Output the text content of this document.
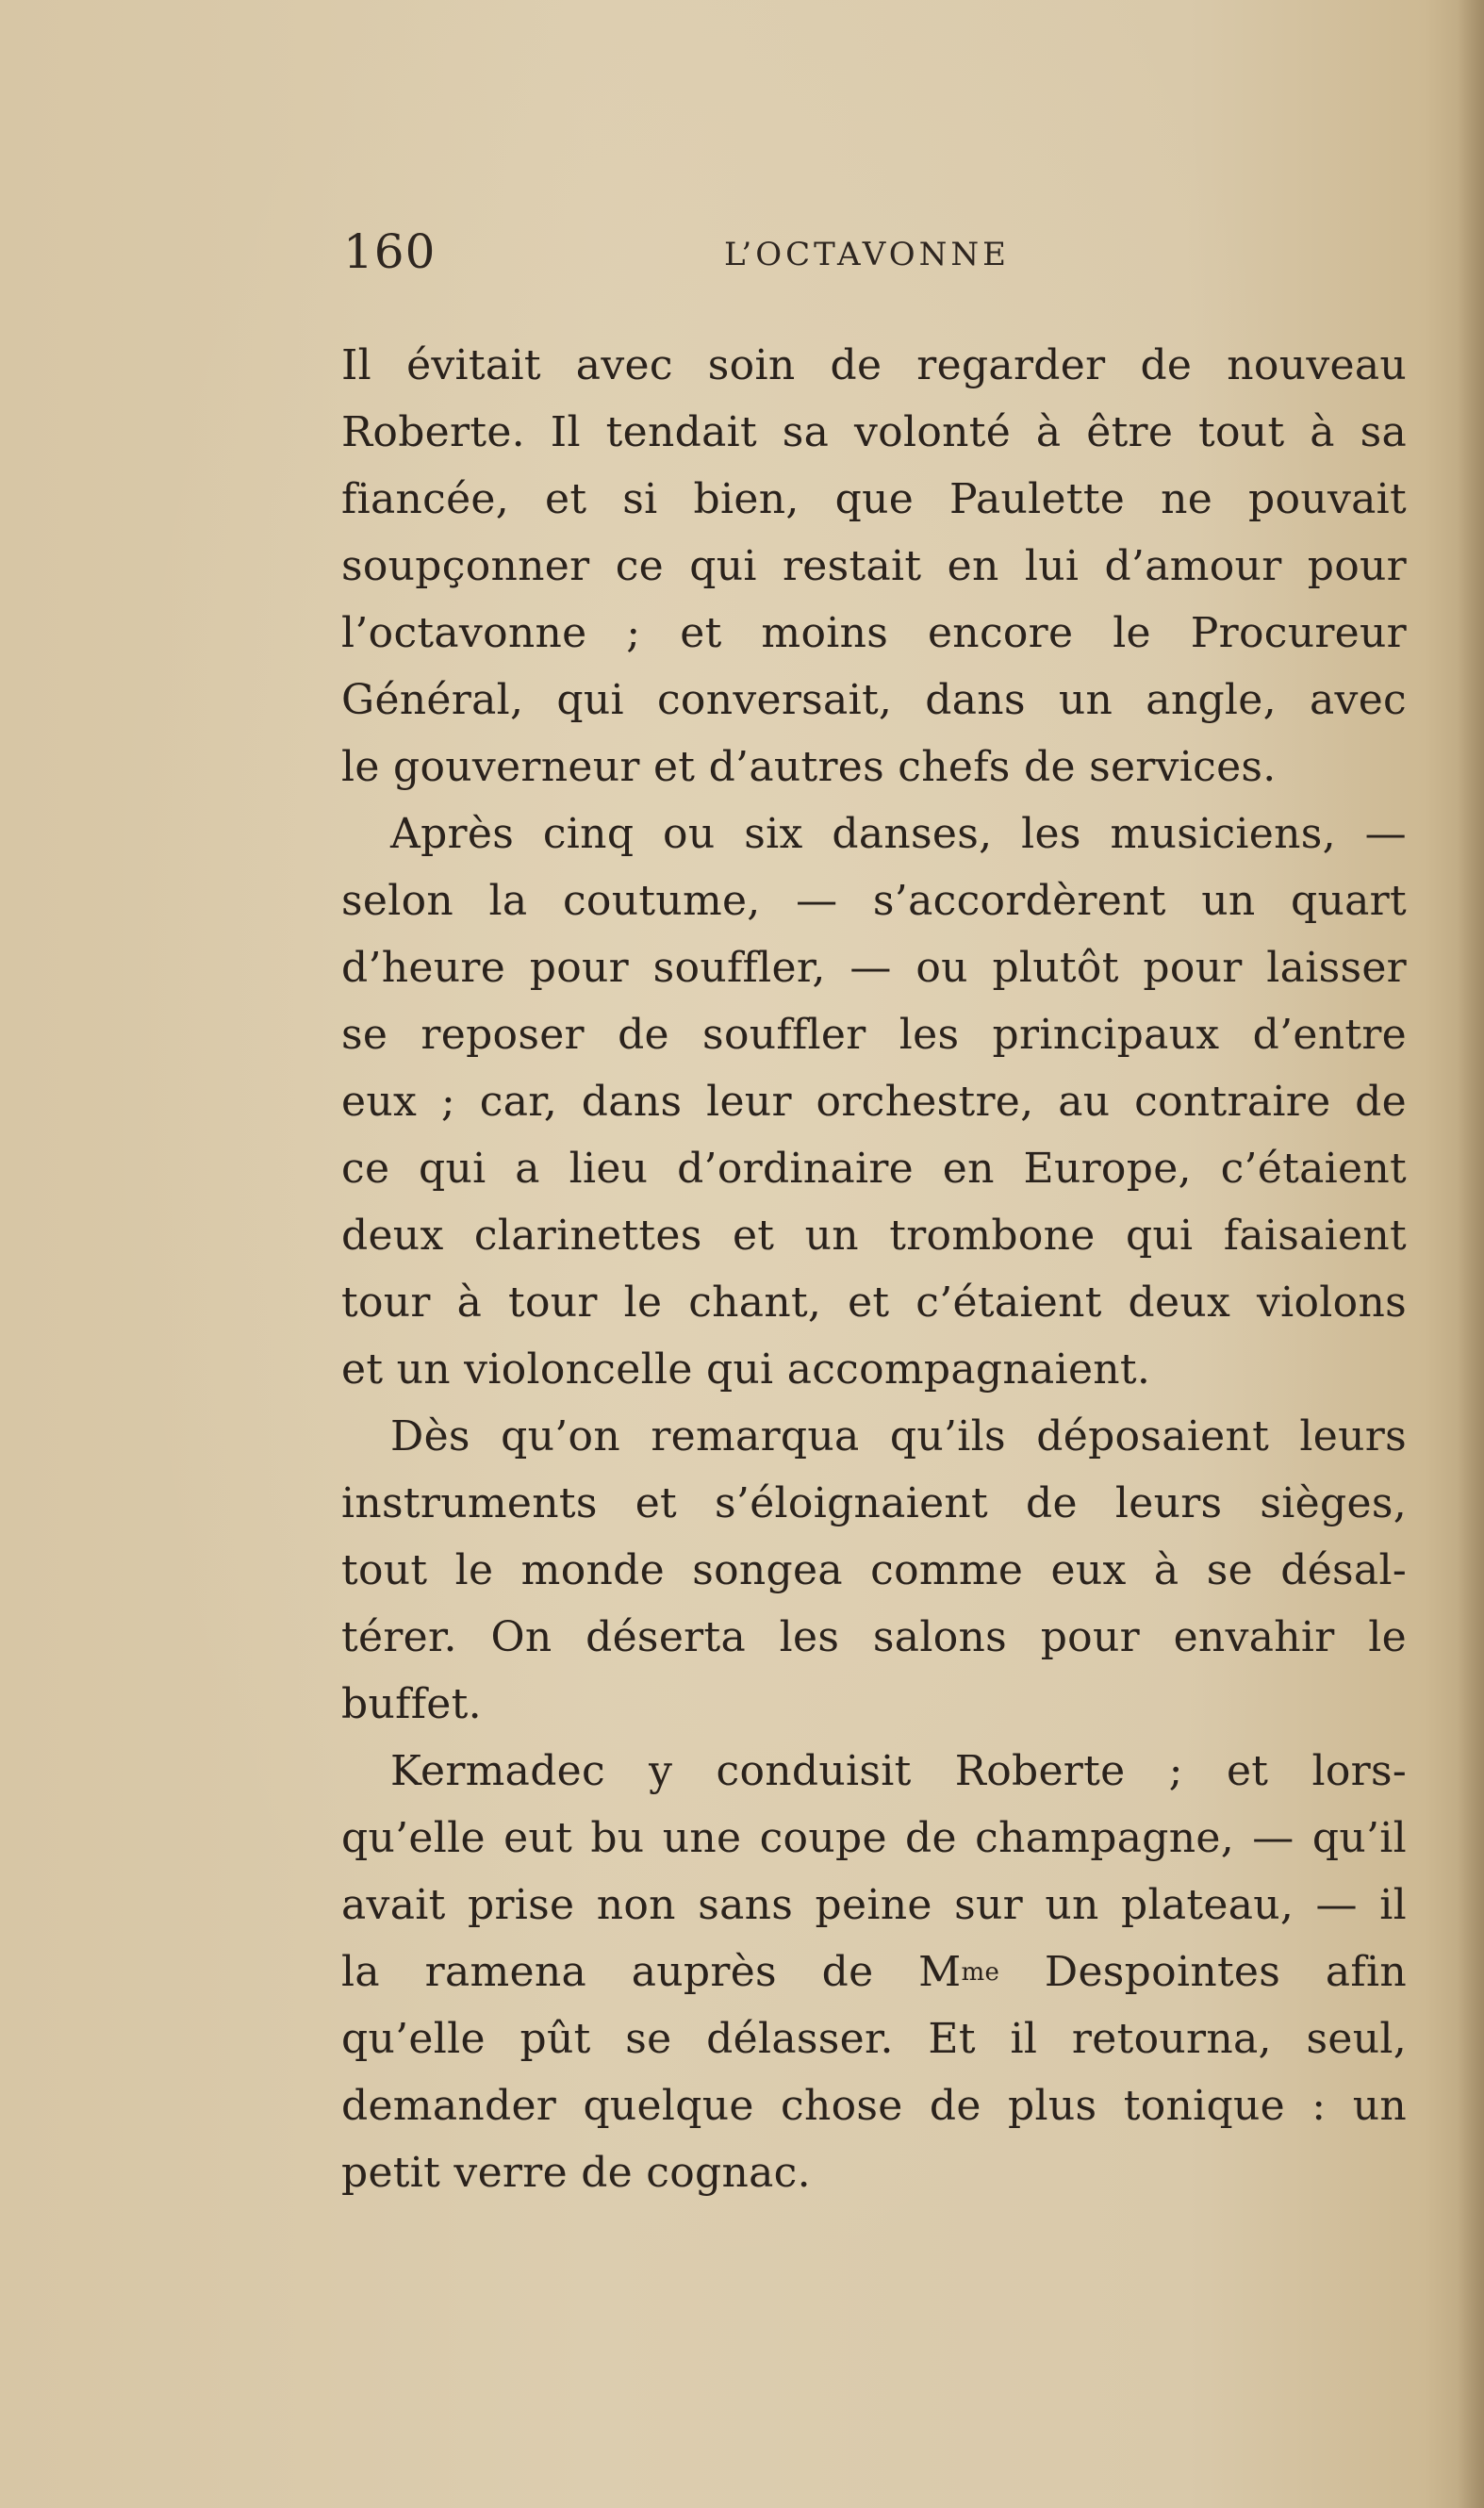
160	L’OCTAVONNE
Il évitait avec soin de regarder de nouveau
Roberte. Il tendait sa volonté à être tout à sa
fiancée, et si bien, que Paulette ne pouvait
soupçonner ce qui restait en lui d’amour pour
l’octavonne ; et moins encore le Procureur
Général, qui conversait, dans un angle, avec
le gouverneur et d’autres chefs de services.
Après cinq ou six danses, les musiciens, —
selon la coutume, — s’accordèrent un quart
d’heure pour souffler, — ou plutôt pour laisser
se reposer de souffler les principaux d’entre
eux ; car, dans leur orchestre, au contraire de
ce qui a lieu d’ordinaire en Europe, c’étaient
deux clarinettes et un trombone qui faisaient
tour à tour le chant, et c’étaient deux violons
et un violoncelle qui accompagnaient.
Dès qu’on remarqua qu’ils déposaient leurs
instruments et s’éloignaient de leurs sièges,
tout le monde songea comme eux à se désal-
térer. On déserta les salons pour envahir le
buffet.
Kermadec y conduisit Roberte ; et lors-
qu’elle eut bu une coupe de champagne, — qu’il
avait prise non sans peine sur un plateau, — il
la ramena auprès de $M^{me}$ Despointes afin
qu’elle pût se délasser. Et il retourna, seul,
demander quelque chose de plus tonique : un
petit verre de cognac.
